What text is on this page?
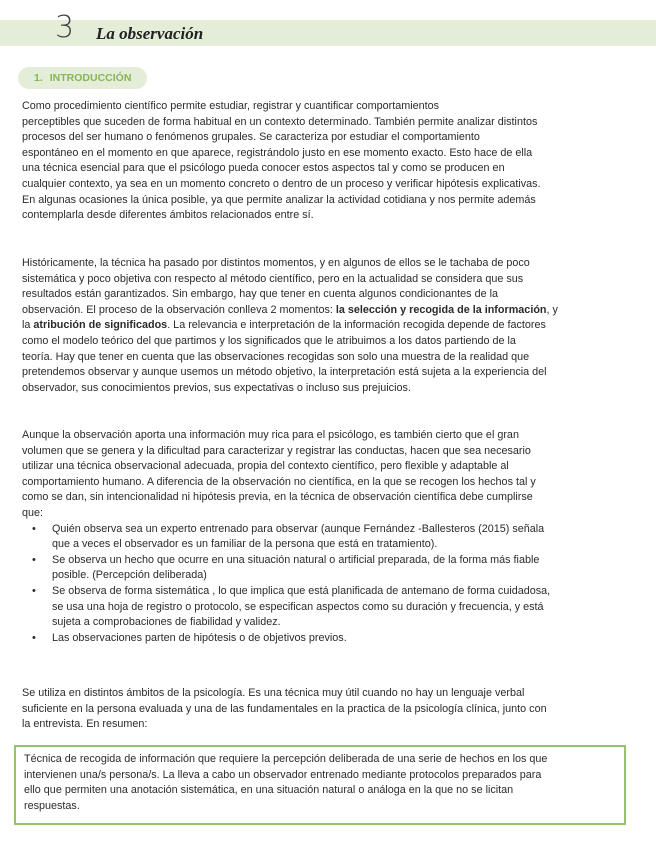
3 La observación
1. INTRODUCCIÓN
Como procedimiento científico permite estudiar, registrar y cuantificar comportamientos
perceptibles que suceden de forma habitual en un contexto determinado. También permite analizar distintos
procesos del ser humano o fenómenos grupales. Se caracteriza por estudiar el comportamiento
espontáneo en el momento en que aparece, registrándolo justo en ese momento exacto. Esto hace de ella
una técnica esencial para que el psicólogo pueda conocer estos aspectos tal y como se producen en
cualquier contexto, ya sea en un momento concreto o dentro de un proceso y verificar hipótesis explicativas.
En algunas ocasiones la única posible, ya que permite analizar la actividad cotidiana y nos permite además
contemplarla desde diferentes ámbitos relacionados entre sí.
Históricamente, la técnica ha pasado por distintos momentos, y en algunos de ellos se le tachaba de poco
sistemática y poco objetiva con respecto al método científico, pero en la actualidad se considera que sus
resultados están garantizados. Sin embargo, hay que tener en cuenta algunos condicionantes de la
observación. El proceso de la observación conlleva 2 momentos: la selección y recogida de la información, y
la atribución de significados. La relevancia e interpretación de la información recogida depende de factores
como el modelo teórico del que partimos y los significados que le atribuimos a los datos partiendo de la
teoría. Hay que tener en cuenta que las observaciones recogidas son solo una muestra de la realidad que
pretendemos observar y aunque usemos un método objetivo, la interpretación está sujeta a la experiencia del
observador, sus conocimientos previos, sus expectativas o incluso sus prejuicios.
Aunque la observación aporta una información muy rica para el psicólogo, es también cierto que el gran
volumen que se genera y la dificultad para caracterizar y registrar las conductas, hacen que sea necesario
utilizar una técnica observacional adecuada, propia del contexto científico, pero flexible y adaptable al
comportamiento humano. A diferencia de la observación no científica, en la que se recogen los hechos tal y
como se dan, sin intencionalidad ni hipótesis previa, en la técnica de observación científica debe cumplirse
que:
• Quién observa sea un experto entrenado para observar (aunque Fernández -Ballesteros (2015) señala
que a veces el observador es un familiar de la persona que está en tratamiento).
• Se observa un hecho que ocurre en una situación natural o artificial preparada, de la forma más fiable
posible. (Percepción deliberada)
• Se observa de forma sistemática , lo que implica que está planificada de antemano de forma cuidadosa,
se usa una hoja de registro o protocolo, se especifican aspectos como su duración y frecuencia, y está
sujeta a comprobaciones de fiabilidad y validez.
• Las observaciones parten de hipótesis o de objetivos previos.
Se utiliza en distintos ámbitos de la psicología. Es una técnica muy útil cuando no hay un lenguaje verbal
suficiente en la persona evaluada y una de las fundamentales en la practica de la psicología clínica, junto con
la entrevista. En resumen:
Técnica de recogida de información que requiere la percepción deliberada de una serie de hechos en los que
intervienen una/s persona/s. La lleva a cabo un observador entrenado mediante protocolos preparados para
ello que permiten una anotación sistemática, en una situación natural o análoga en la que no se licitan
respuestas.
